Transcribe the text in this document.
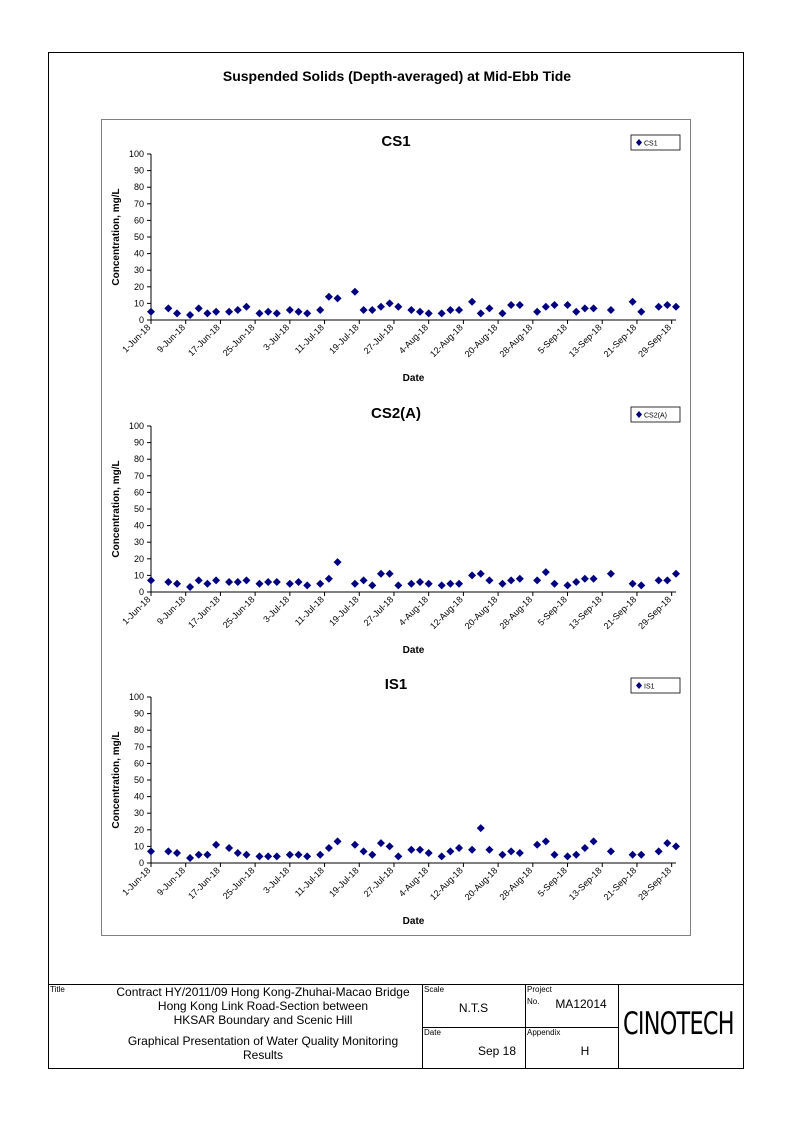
Suspended Solids (Depth-averaged) at Mid-Ebb Tide
CS1
0
10
20
30
40
50
60
70
80
90
100
1-Jun-18 9-Jun-18
17-Jun-18
25-Jun-18 3-Jul-18 11-Jul-18 19-Jul-18 27-Jul-18 4-Aug-18
12-Aug-18
20-Aug-18
28-Aug-18 5-Sep-18
13-Sep-18
21-Sep-18
29-Sep-18
Date
Concentration, mg/L
CS1
CS2(A)
0
10
20
30
40
50
60
70
80
90
100
1-Jun-18 9-Jun-18
17-Jun-18
25-Jun-18 3-Jul-18 11-Jul-18 19-Jul-18 27-Jul-18 4-Aug-18
12-Aug-18
20-Aug-18
28-Aug-18 5-Sep-18
13-Sep-18
21-Sep-18
29-Sep-18
Date
Concentration, mg/L
CS2(A)
IS1
0
10
20
30
40
50
60
70
80
90
100
1-Jun-18 9-Jun-18
17-Jun-18
25-Jun-18 3-Jul-18 11-Jul-18 19-Jul-18 27-Jul-18 4-Aug-18
12-Aug-18
20-Aug-18
28-Aug-18 5-Sep-18
13-Sep-18
21-Sep-18
29-Sep-18
Date
Concentration, mg/L
IS1
Title	Contract HY/2011/09 Hong Kong-Zhuhai-Macao Bridge
Hong Kong Link Road-Section between
HKSAR Boundary and Scenic Hill
Graphical Presentation of Water Quality Monitoring
Results
Scale
N.T.S
Project
No.	MA12014
Date
Sep 18
Appendix
H
CINOTECH
